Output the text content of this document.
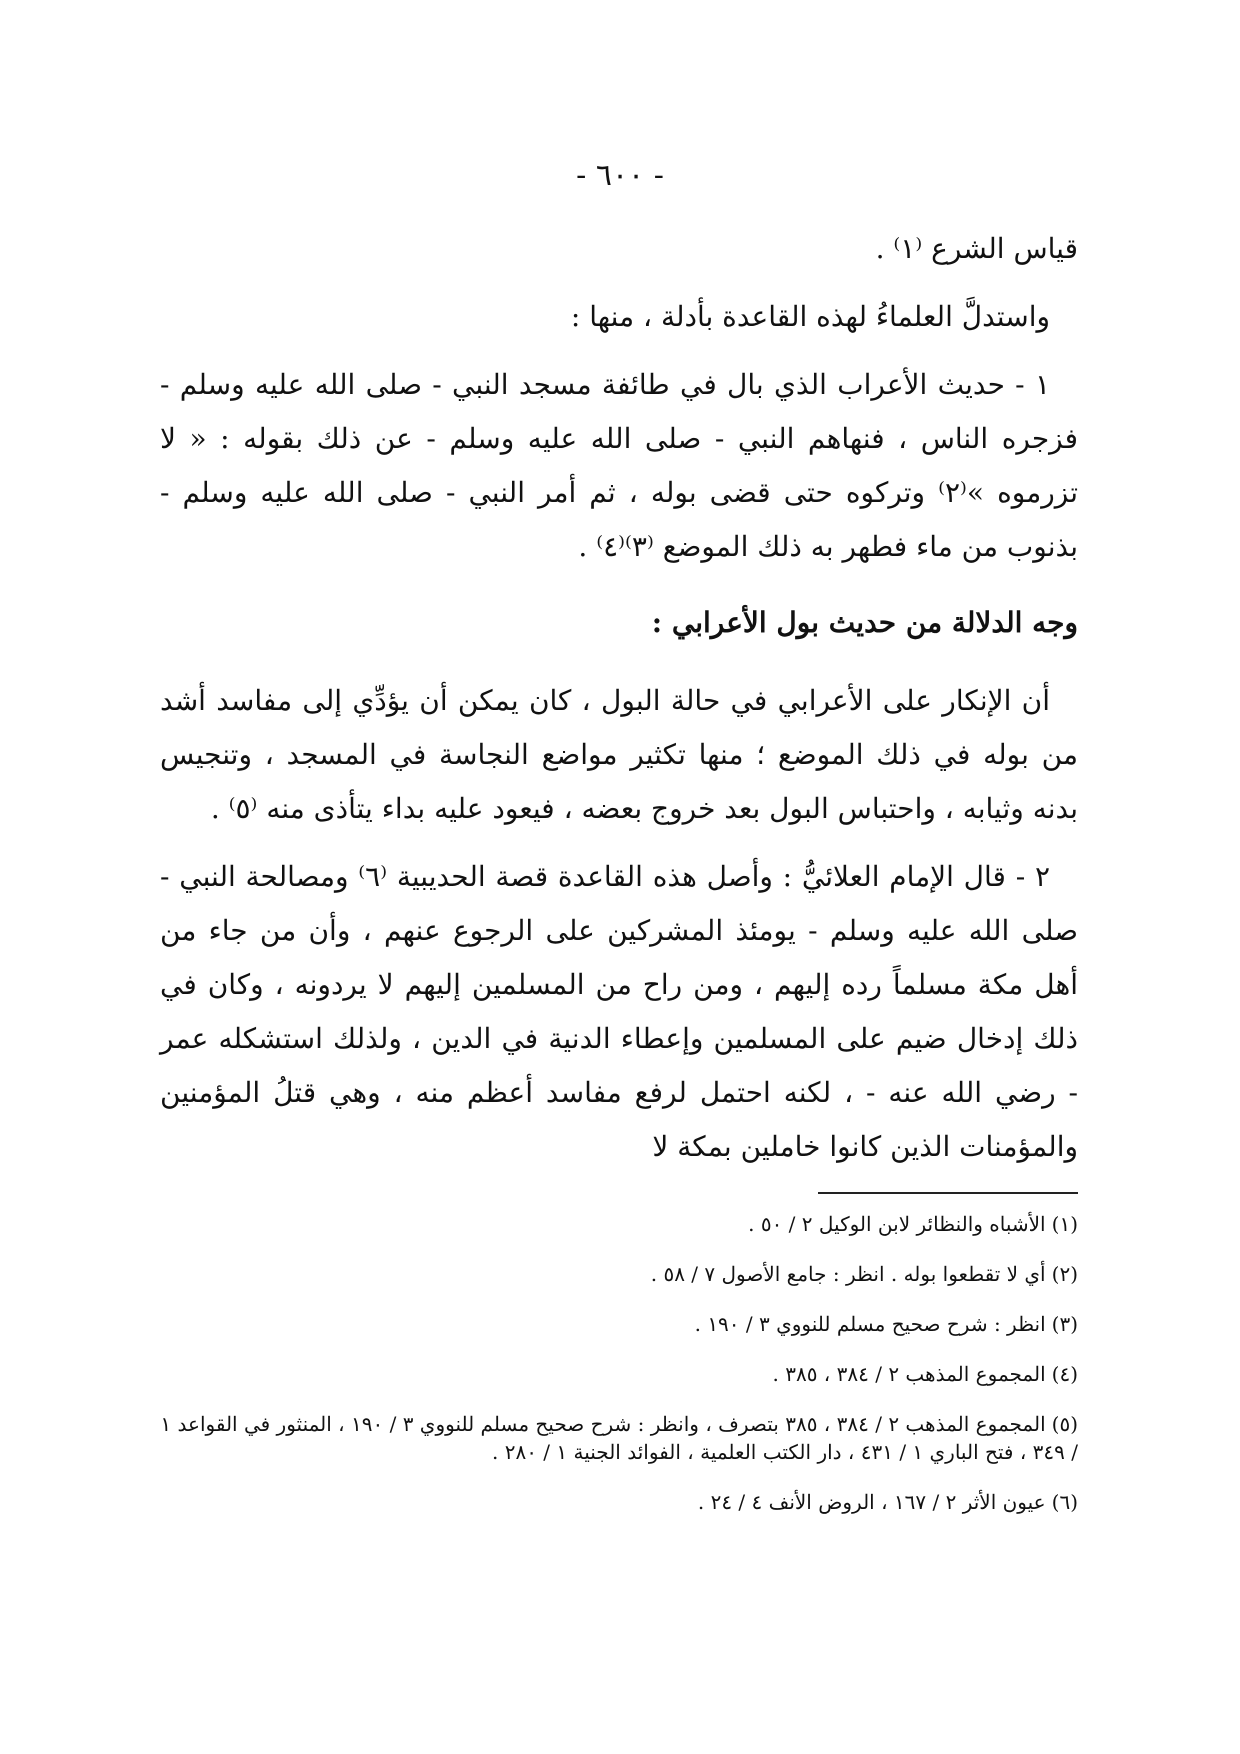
- ٦٠٠ -

قياس الشرع ⁽١⁾ .

واستدلَّ العلماءُ لهذه القاعدة بأدلة ، منها :

١ - حديث الأعراب الذي بال في طائفة مسجد النبي - صلى الله عليه وسلم - فزجره الناس ، فنهاهم النبي - صلى الله عليه وسلم - عن ذلك بقوله : « لا تزرموه »⁽٢⁾ وتركوه حتى قضى بوله ، ثم أمر النبي - صلى الله عليه وسلم - بذنوب من ماء فطهر به ذلك الموضع ⁽٣⁾⁽٤⁾ .

وجه الدلالة من حديث بول الأعرابي :

أن الإنكار على الأعرابي في حالة البول ، كان يمكن أن يؤدِّي إلى مفاسد أشد من بوله في ذلك الموضع ؛ منها تكثير مواضع النجاسة في المسجد ، وتنجيس بدنه وثيابه ، واحتباس البول بعد خروج بعضه ، فيعود عليه بداء يتأذى منه ⁽٥⁾ .

٢ - قال الإمام العلائيُّ : وأصل هذه القاعدة قصة الحديبية ⁽٦⁾ ومصالحة النبي - صلى الله عليه وسلم - يومئذ المشركين على الرجوع عنهم ، وأن من جاء من أهل مكة مسلماً رده إليهم ، ومن راح من المسلمين إليهم لا يردونه ، وكان في ذلك إدخال ضيم على المسلمين وإعطاء الدنية في الدين ، ولذلك استشكله عمر - رضي الله عنه - ، لكنه احتمل لرفع مفاسد أعظم منه ، وهي قتلُ المؤمنين والمؤمنات الذين كانوا خاملين بمكة لا

(١)الأشباه والنظائر لابن الوكيل ٢ / ٥٠ .

(٢)أي لا تقطعوا بوله . انظر : جامع الأصول ٧ / ٥٨ .

(٣)انظر : شرح صحيح مسلم للنووي ٣ / ١٩٠ .

(٤)المجموع المذهب ٢ / ٣٨٤ ، ٣٨٥ .

(٥)المجموع المذهب ٢ / ٣٨٤ ، ٣٨٥ بتصرف ، وانظر : شرح صحيح مسلم للنووي ٣ / ١٩٠ ، المنثور في القواعد ١ / ٣٤٩ ، فتح الباري ١ / ٤٣١ ، دار الكتب العلمية ، الفوائد الجنية ١ / ٢٨٠ .

(٦)عيون الأثر ٢ / ١٦٧ ، الروض الأنف ٤ / ٢٤ .
